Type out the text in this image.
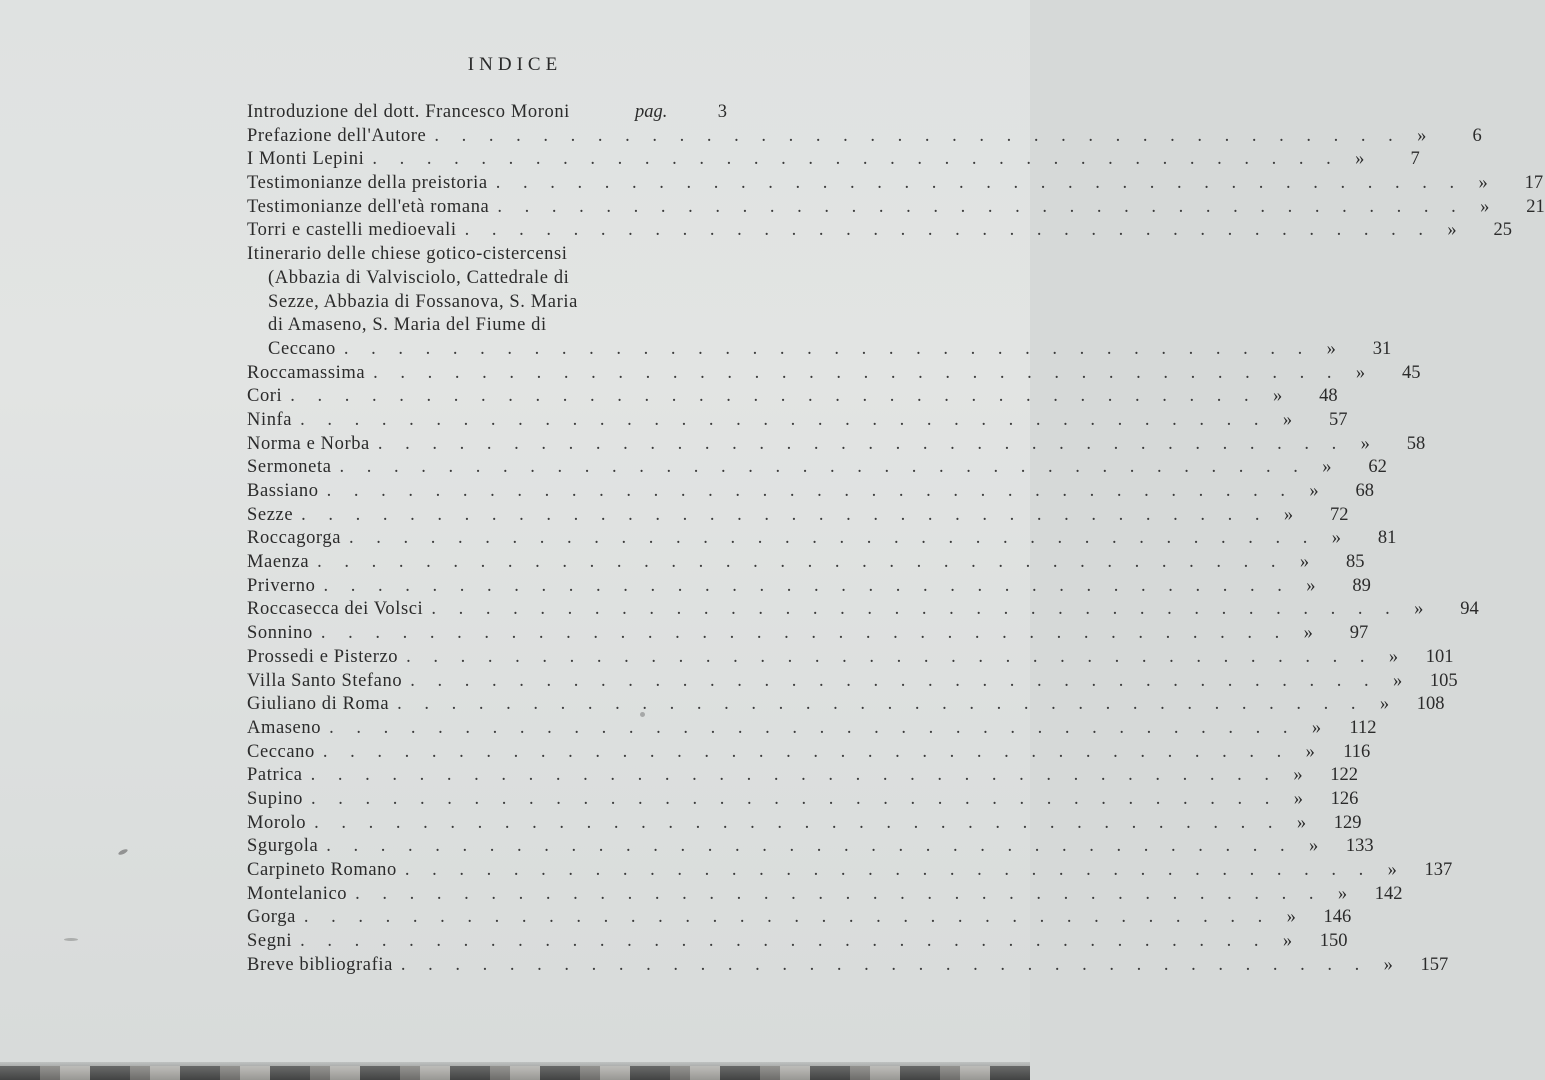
INDICE
Introduzione del dott. Francesco Moroni	pag.	3
Prefazione dell'Autore . . . . . . . . . . . . . . . . . . . . . . . . . . . . . . . . . . . . »	6
I Monti Lepini . . . . . . . . . . . . . . . . . . . . . . . . . . . . . . . . . . . . »	7
Testimonianze della preistoria . . . . . . . . . . . . . . . . . . . . . . . . . . . . . . . . . . . . »	17
Testimonianze dell'età romana . . . . . . . . . . . . . . . . . . . . . . . . . . . . . . . . . . . . »	21
Torri e castelli medioevali . . . . . . . . . . . . . . . . . . . . . . . . . . . . . . . . . . . . »	25
Itinerario delle chiese gotico-cistercensi
(Abbazia di Valvisciolo, Cattedrale di
Sezze, Abbazia di Fossanova, S. Maria
di Amaseno, S. Maria del Fiume di
Ceccano . . . . . . . . . . . . . . . . . . . . . . . . . . . . . . . . . . . . »	31
Roccamassima . . . . . . . . . . . . . . . . . . . . . . . . . . . . . . . . . . . . »	45
Cori . . . . . . . . . . . . . . . . . . . . . . . . . . . . . . . . . . . . »	48
Ninfa . . . . . . . . . . . . . . . . . . . . . . . . . . . . . . . . . . . . »	57
Norma e Norba . . . . . . . . . . . . . . . . . . . . . . . . . . . . . . . . . . . . »	58
Sermoneta . . . . . . . . . . . . . . . . . . . . . . . . . . . . . . . . . . . . »	62
Bassiano . . . . . . . . . . . . . . . . . . . . . . . . . . . . . . . . . . . . »	68
Sezze . . . . . . . . . . . . . . . . . . . . . . . . . . . . . . . . . . . . »	72
Roccagorga . . . . . . . . . . . . . . . . . . . . . . . . . . . . . . . . . . . . »	81
Maenza . . . . . . . . . . . . . . . . . . . . . . . . . . . . . . . . . . . . »	85
Priverno . . . . . . . . . . . . . . . . . . . . . . . . . . . . . . . . . . . . »	89
Roccasecca dei Volsci . . . . . . . . . . . . . . . . . . . . . . . . . . . . . . . . . . . . »	94
Sonnino . . . . . . . . . . . . . . . . . . . . . . . . . . . . . . . . . . . . »	97
Prossedi e Pisterzo . . . . . . . . . . . . . . . . . . . . . . . . . . . . . . . . . . . . »	101
Villa Santo Stefano . . . . . . . . . . . . . . . . . . . . . . . . . . . . . . . . . . . . »	105
Giuliano di Roma . . . . . . . . . . . . . . . . . . . . . . . . . . . . . . . . . . . . »	108
Amaseno . . . . . . . . . . . . . . . . . . . . . . . . . . . . . . . . . . . . »	112
Ceccano . . . . . . . . . . . . . . . . . . . . . . . . . . . . . . . . . . . . »	116
Patrica . . . . . . . . . . . . . . . . . . . . . . . . . . . . . . . . . . . . »	122
Supino . . . . . . . . . . . . . . . . . . . . . . . . . . . . . . . . . . . . »	126
Morolo . . . . . . . . . . . . . . . . . . . . . . . . . . . . . . . . . . . . »	129
Sgurgola . . . . . . . . . . . . . . . . . . . . . . . . . . . . . . . . . . . . »	133
Carpineto Romano . . . . . . . . . . . . . . . . . . . . . . . . . . . . . . . . . . . . »	137
Montelanico . . . . . . . . . . . . . . . . . . . . . . . . . . . . . . . . . . . . »	142
Gorga . . . . . . . . . . . . . . . . . . . . . . . . . . . . . . . . . . . . »	146
Segni . . . . . . . . . . . . . . . . . . . . . . . . . . . . . . . . . . . . »	150
Breve bibliografia . . . . . . . . . . . . . . . . . . . . . . . . . . . . . . . . . . . . »	157
